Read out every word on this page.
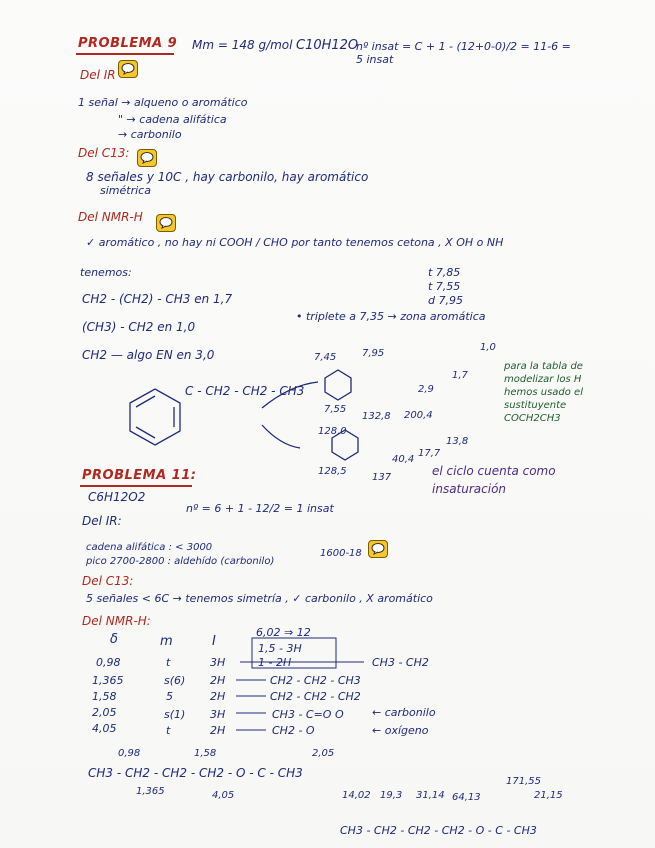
PROBLEMA 9 Mm = 148 g/mol C10H12O
nº insat = C + 1 - (12+0-0)/2 = 11-6 = 5 insat
Del IR
1 señal → alqueno o aromático
" → cadena alifática
→ carbonilo
Del C13:
8 señales y 10C , hay carbonilo, hay aromático
simétrica
Del NMR-H
✓ aromático , no hay ni COOH / CHO por tanto tenemos cetona , X OH o NH
tenemos:	t 7,85
t 7,55
d 7,95
CH2 - (CH2) - CH3 en 1,7
(CH3) - CH2 en 1,0
CH2 — algo EN en 3,0
• triplete a 7,35 → zona aromática
C - CH2 - CH2 - CH3
7,45	7,95
1,0
1,7
2,9
7,55
128,0
132,8 200,4
128,5
137
40,4
17,7
13,8
para la tabla de modelizar los H hemos usado el sustituyente COCH2CH3
el ciclo cuenta como insaturación
PROBLEMA 11:
C6H12O2
nº = 6 + 1 - 12/2 = 1 insat
Del IR:
cadena alifática : < 3000
pico 2700-2800 : aldehído (carbonilo)
1600-18
Del C13:
5 señales < 6C → tenemos simetría , ✓ carbonilo , X aromático
Del NMR-H:
δ	m	I
6,02 ⇒ 12
1,5 - 3H
1 - 2H
0,98	t	3H	CH3 - CH2
1,365	s(6) 2H	CH2 - CH2 - CH3
1,58	5	2H	CH2 - CH2 - CH2
2,05	s(1) 3H	CH3 - C=O O	← carbonilo
4,05	t	2H	CH2 - O	← oxígeno
0,98	1,58	2,05
CH3 - CH2 - CH2 - CH2 - O - C - CH3
1,365	4,05	14,02 19,3 31,14 64,13
171,55
21,15
CH3 - CH2 - CH2 - CH2 - O - C - CH3
